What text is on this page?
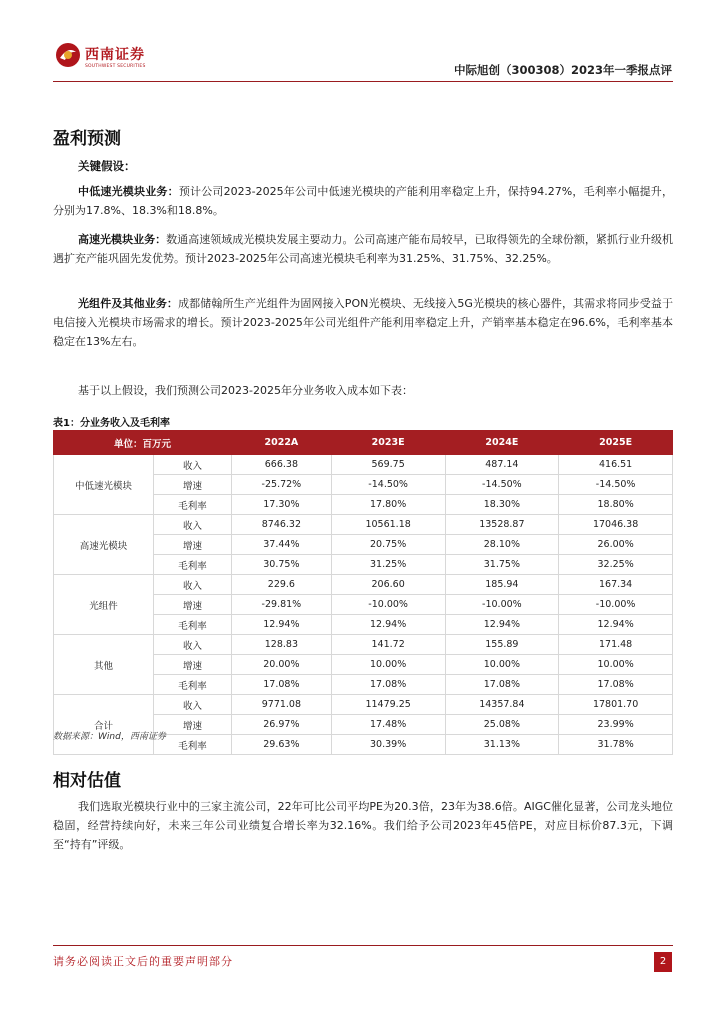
西南证券
SOUTHWEST SECURITIES	中际旭创（300308）2023年一季报点评
盈利预测
关键假设：
中低速光模块业务：预计公司2023-2025年公司中低速光模块的产能利用率稳定上升，保持94.27%，毛利率小幅提升，分别为17.8%、18.3%和18.8%。
高速光模块业务：数通高速领域成光模块发展主要动力。公司高速产能布局较早，已取得领先的全球份额，紧抓行业升级机遇扩充产能巩固先发优势。预计2023-2025年公司高速光模块毛利率为31.25%、31.75%、32.25%。
光组件及其他业务：成都储翰所生产光组件为固网接入PON光模块、无线接入5G光模块的核心器件，其需求将同步受益于电信接入光模块市场需求的增长。预计2023-2025年公司光组件产能利用率稳定上升，产销率基本稳定在96.6%，毛利率基本稳定在13%左右。
基于以上假设，我们预测公司2023-2025年分业务收入成本如下表：
表1：分业务收入及毛利率
单位：百万元		2022A	2023E	2024E	2025E
中低速光模块	收入	666.38	569.75	487.14	416.51
	增速	-25.72%	-14.50%	-14.50%	-14.50%
	毛利率	17.30%	17.80%	18.30%	18.80%
高速光模块	收入	8746.32	10561.18	13528.87	17046.38
	增速	37.44%	20.75%	28.10%	26.00%
	毛利率	30.75%	31.25%	31.75%	32.25%
光组件	收入	229.6	206.60	185.94	167.34
	增速	-29.81%	-10.00%	-10.00%	-10.00%
	毛利率	12.94%	12.94%	12.94%	12.94%
其他	收入	128.83	141.72	155.89	171.48
	增速	20.00%	10.00%	10.00%	10.00%
	毛利率	17.08%	17.08%	17.08%	17.08%
合计	收入	9771.08	11479.25	14357.84	17801.70
	增速	26.97%	17.48%	25.08%	23.99%
	毛利率	29.63%	30.39%	31.13%	31.78%
数据来源：Wind，西南证券
相对估值
我们选取光模块行业中的三家主流公司，22年可比公司平均PE为20.3倍，23年为38.6倍。AIGC催化显著，公司龙头地位稳固，经营持续向好，未来三年公司业绩复合增长率为32.16%。我们给予公司2023年45倍PE，对应目标价87.3元，下调至“持有”评级。
请务必阅读正文后的重要声明部分	2
